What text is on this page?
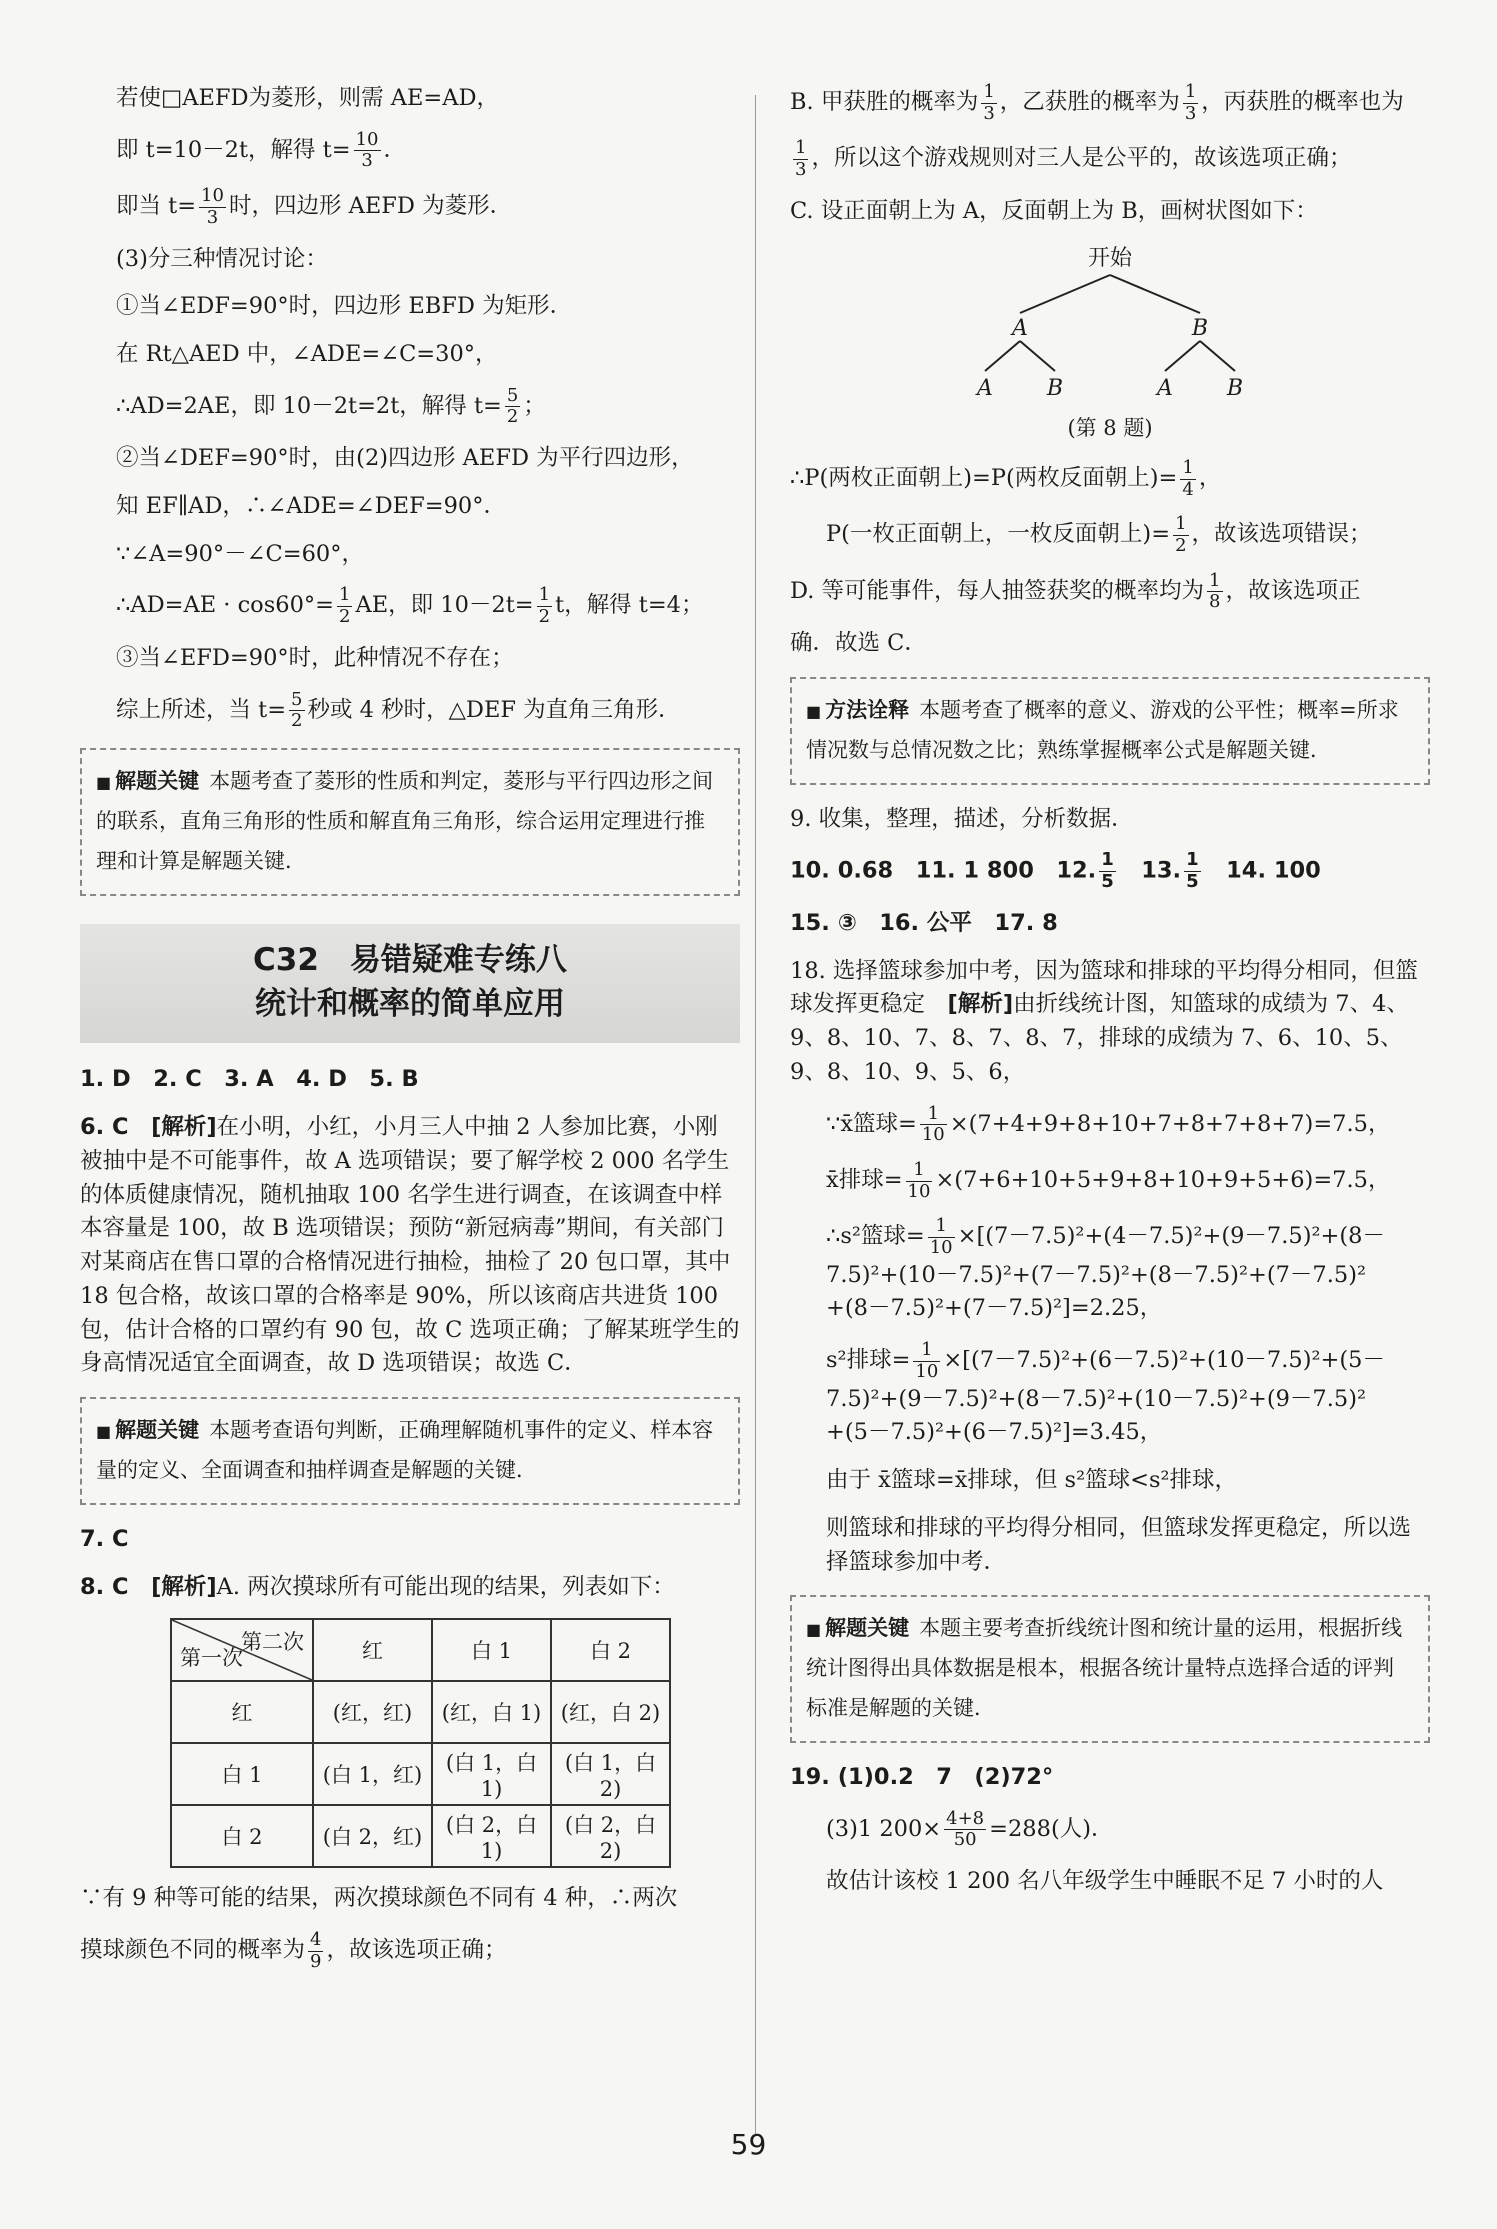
若使□AEFD为菱形，则需 AE=AD，

即 t=10－2t，解得 $t= \frac{10}{3}$ ．

即当 $t= \frac{10}{3}$ 时，四边形 AEFD 为菱形．

(3)分三种情况讨论：

①当∠EDF=90°时，四边形 EBFD 为矩形．

在 Rt△AED 中，∠ADE=∠C=30°，

∴AD=2AE，即 10－2t=2t，解得 $t= \frac{5}{2}$ ；

②当∠DEF=90°时，由(2)四边形 AEFD 为平行四边形，

知 EF∥AD，∴∠ADE=∠DEF=90°．

∵∠A=90°－∠C=60°，

∴AD=AE · $\cos 60^\circ= \frac{1}{2}$ AE，即 $10-2t= \frac{1}{2}$ t，解得 t=4；

③当∠EFD=90°时，此种情况不存在；

综上所述，当 $t= \frac{5}{2}$ 秒或 4 秒时，△DEF 为直角三角形．

■ 解题关键 本题考查了菱形的性质和判定，菱形与平行四边形之间的联系，直角三角形的性质和解直角三角形，综合运用定理进行推理和计算是解题关键．
C32　易错疑难专练八
统计和概率的简单应用

1. D　2. C　3. A　4. D　5. B

6. C　 [解析]在小明，小红，小月三人中抽 2 人参加比赛，小刚被抽中是不可能事件，故 A 选项错误；要了解学校 2 000 名学生的体质健康情况，随机抽取 100 名学生进行调查，在该调查中样本容量是 100，故 B 选项错误；预防“新冠病毒”期间，有关部门对某商店在售口罩的合格情况进行抽检，抽检了 20 包口罩，其中 18 包合格，故该口罩的合格率是 90%，所以该商店共进货 100 包，估计合格的口罩约有 90 包，故 C 选项正确；了解某班学生的身高情况适宜全面调查，故 D 选项错误；故选 C．

■ 解题关键 本题考查语句判断，正确理解随机事件的定义、样本容量的定义、全面调查和抽样调查是解题的关键．

7. C

8. C　 [解析]A. 两次摸球所有可能出现的结果，列表如下：

第二次
第一次	红	白 1	白 2
红	(红，红)	(红，白 1)	(红，白 2)
白 1	(白 1，红)	(白 1，白 1)	(白 1，白 2)
白 2	(白 2，红)	(白 2，白 1)	(白 2，白 2)

∵有 9 种等可能的结果，两次摸球颜色不同有 4 种，∴两次

摸球颜色不同的概率为 $\frac{4}{9}$ ，故该选项正确；

B. 甲获胜的概率为 $\frac{1}{3}$ ，乙获胜的概率为 $\frac{1}{3}$ ，丙获胜的概率也为

$\frac{1}{3}$ ，所以这个游戏规则对三人是公平的，故该选项正确；

C. 设正面朝上为 A，反面朝上为 B，画树状图如下：

开始
A	B
A B	A B

(第 8 题)

∴P(两枚正面朝上)=P(两枚反面朝上)= $\frac{1}{4}$ ，

P(一枚正面朝上，一枚反面朝上)= $\frac{1}{2}$ ，故该选项错误；

D. 等可能事件，每人抽签获奖的概率均为 $\frac{1}{8}$ ，故该选项正

确．故选 C．

■ 方法诠释 本题考查了概率的意义、游戏的公平性；概率=所求情况数与总情况数之比；熟练掌握概率公式是解题关键．

9. 收集，整理，描述，分析数据．

10. 0.68　11. 1 800　12. $\frac{1}{5}$ 　13. $\frac{1}{5}$ 　14. 100

15. ③　16. 公平　17. 8

18. 选择篮球参加中考，因为篮球和排球的平均得分相同，但篮球发挥更稳定　 [解析]由折线统计图，知篮球的成绩为 7、4、9、8、10、7、8、7、8、7，排球的成绩为 7、6、10、5、9、8、10、9、5、6，

∵x̄篮球= $\frac{1}{10} \times(7+4+9+8+10+7+8+7+8+7)=7.5$，

x̄排球= $\frac{1}{10} \times(7+6+10+5+9+8+10+9+5+6)=7.5$，

∴s²篮球= $\frac{1}{10} \times[(7-7.5)^2+(4-7.5)^2+(9-7.5)^2+(8-$

7.5)²+(10－7.5)²+(7－7.5)²+(8－7.5)²+(7－7.5)²

+(8－7.5)²+(7－7.5)²]=2.25，

s²排球= $\frac{1}{10} \times[(7-7.5)^2+(6-7.5)^2+(10-7.5)^2+(5-$

7.5)²+(9－7.5)²+(8－7.5)²+(10－7.5)²+(9－7.5)²

+(5－7.5)²+(6－7.5)²]=3.45，

由于 x̄篮球=x̄排球，但 s²篮球<s²排球，

则篮球和排球的平均得分相同，但篮球发挥更稳定，所以选择篮球参加中考．

■ 解题关键 本题主要考查折线统计图和统计量的运用，根据折线统计图得出具体数据是根本，根据各统计量特点选择合适的评判标准是解题的关键．

19. (1)0.2　7　(2)72°

(3)1 $200\times \frac{4+8}{50} =288$(人)．

故估计该校 1 200 名八年级学生中睡眠不足 7 小时的人

59
